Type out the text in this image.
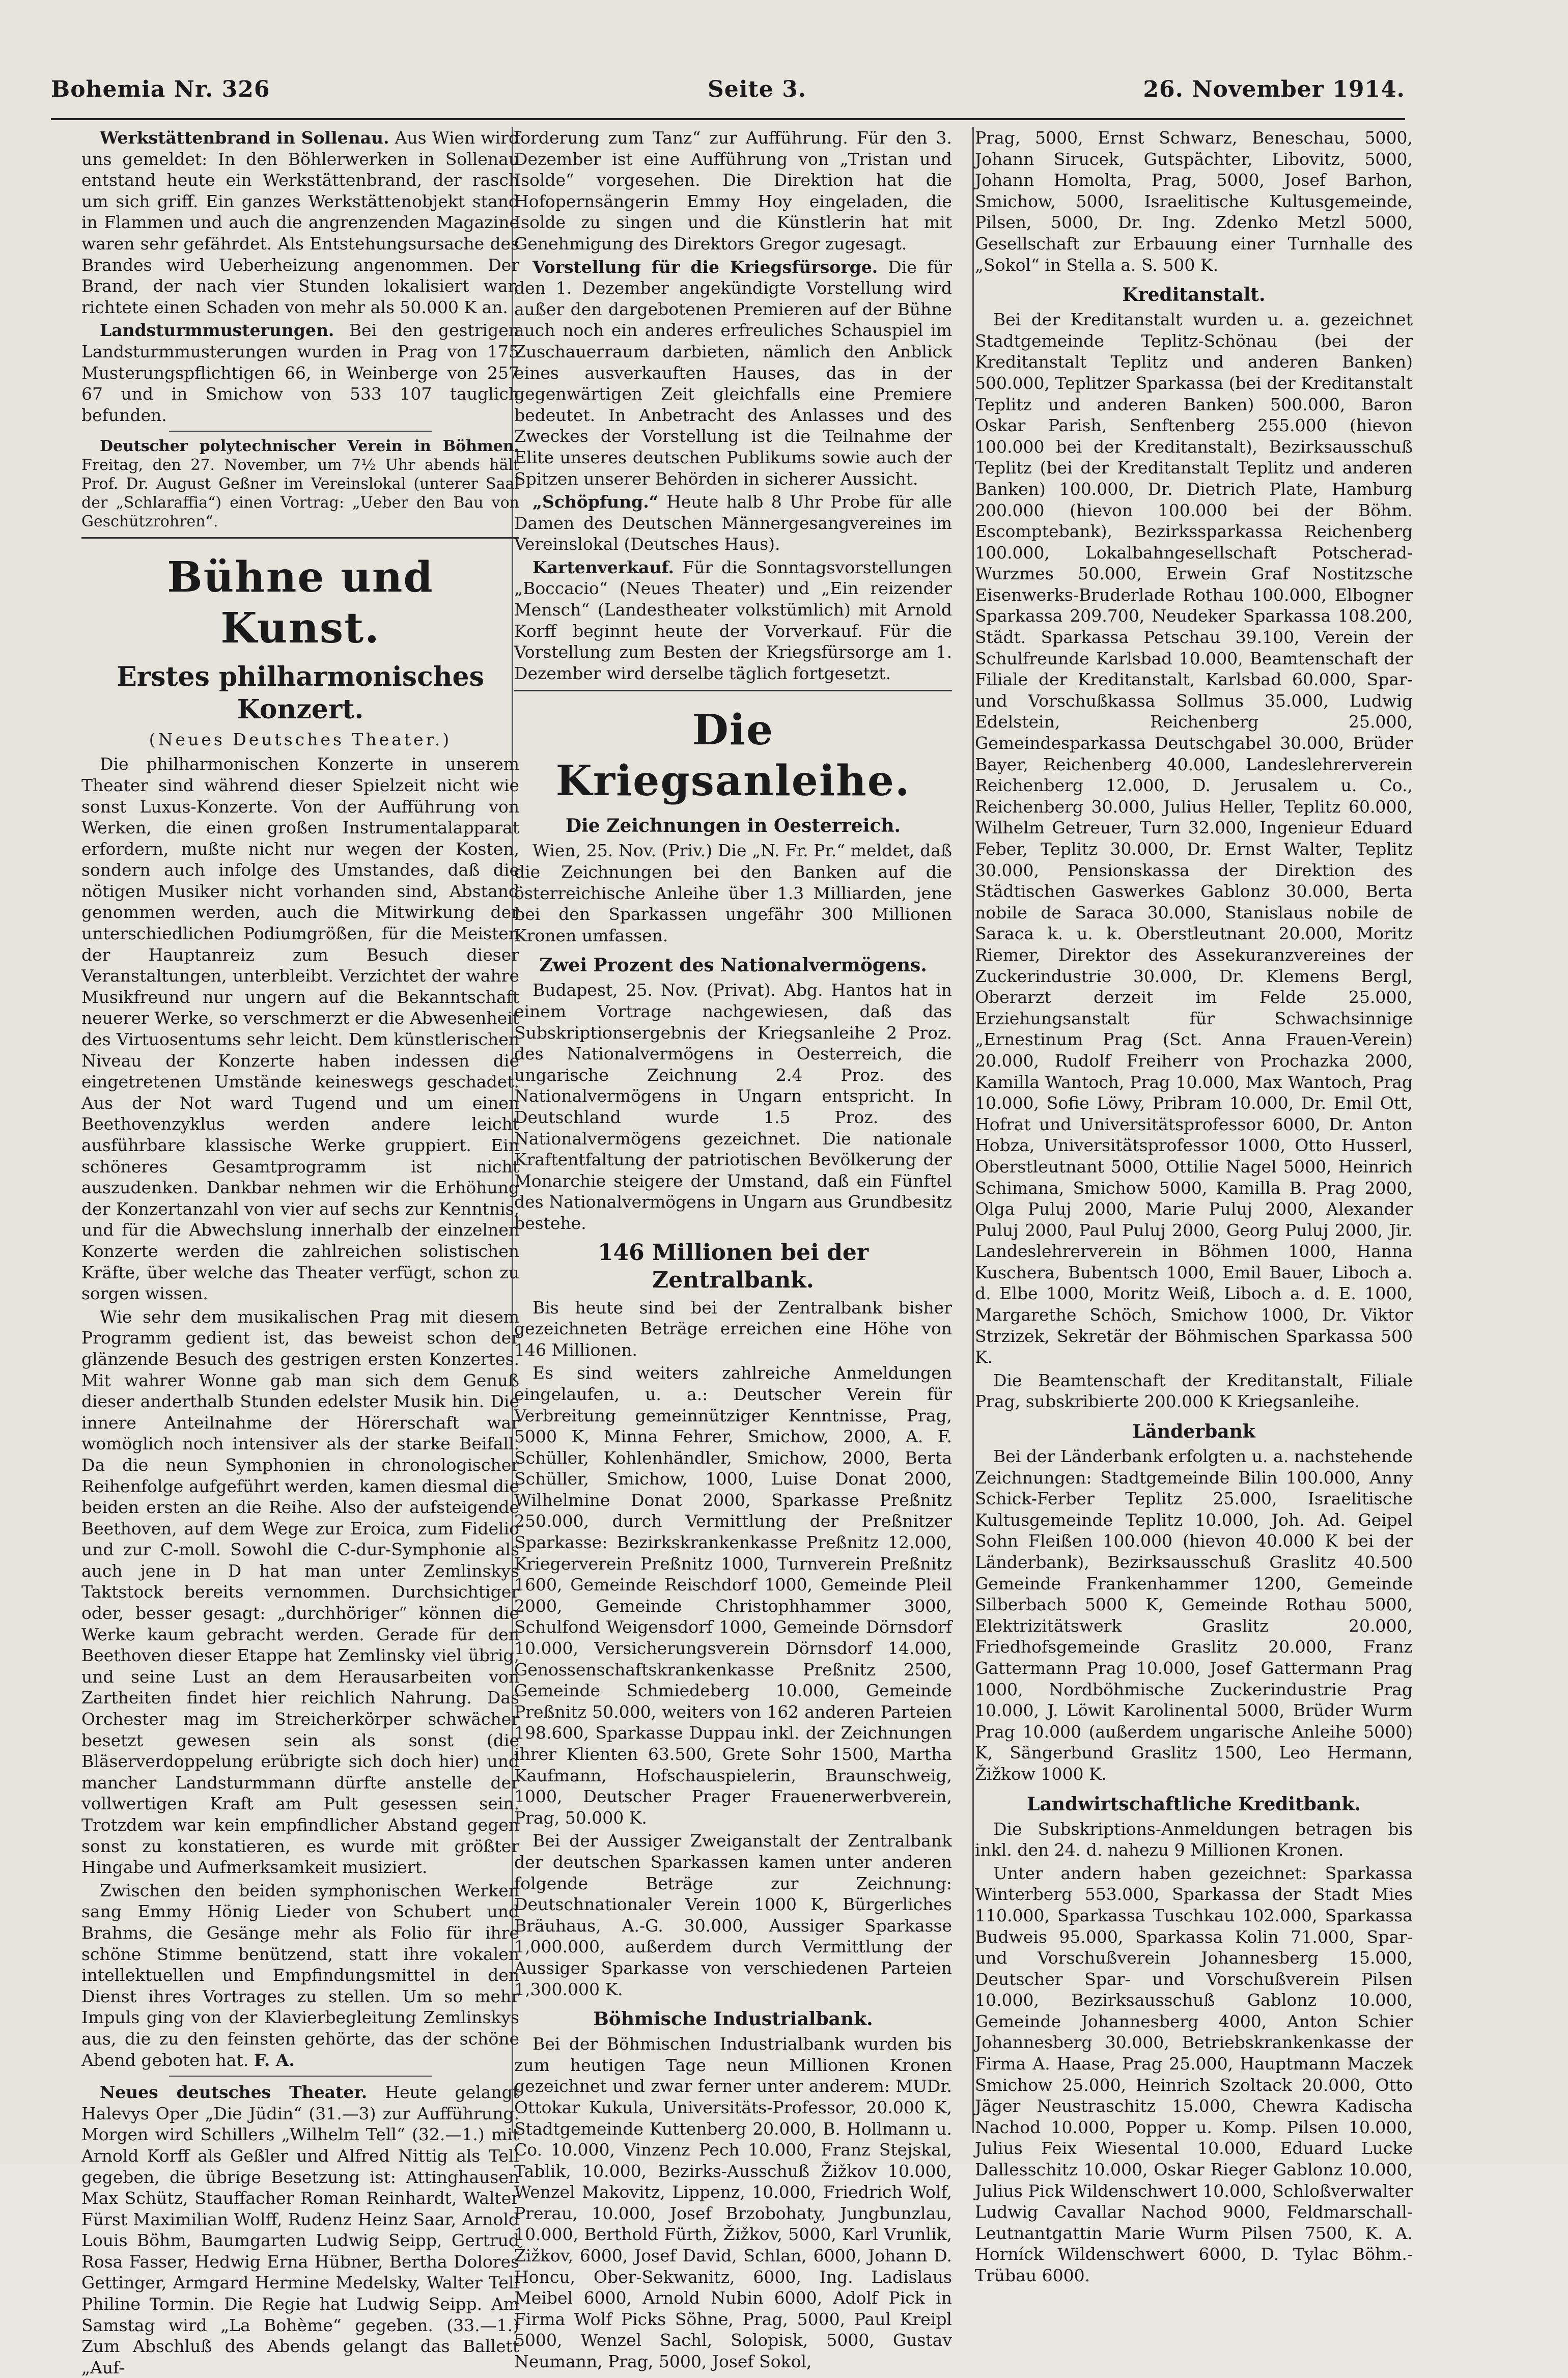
Bohemia Nr. 326	Seite 3.	26. November 1914.

Werkstättenbrand in Sollenau. Aus Wien wird uns gemeldet: In den Böhlerwerken in Sollenau entstand heute ein Werkstättenbrand, der rasch um sich griff. Ein ganzes Werkstättenobjekt stand in Flammen und auch die angrenzenden Magazine waren sehr gefährdet. Als Entstehungsursache des Brandes wird Ueberheizung angenommen. Der Brand, der nach vier Stunden lokalisiert war, richtete einen Schaden von mehr als 50.000 K an.

Landsturmmusterungen. Bei den gestrigen Landsturmmusterungen wurden in Prag von 175 Musterungspflichtigen 66, in Weinberge von 257 67 und in Smichow von 533 107 tauglich befunden.

Deutscher polytechnischer Verein in Böhmen. Freitag, den 27. November, um 7½ Uhr abends hält Prof. Dr. August Geßner im Vereinslokal (unterer Saal der „Schlaraffia“) einen Vortrag: „Ueber den Bau von Geschützrohren“.

Bühne und Kunst.
Erstes philharmonisches Konzert.
(Neues Deutsches Theater.)

Die philharmonischen Konzerte in unserem Theater sind während dieser Spielzeit nicht wie sonst Luxus-Konzerte. Von der Aufführung von Werken, die einen großen Instrumentalapparat erfordern, mußte nicht nur wegen der Kosten, sondern auch infolge des Umstandes, daß die nötigen Musiker nicht vorhanden sind, Abstand genommen werden, auch die Mitwirkung der unterschiedlichen Podiumgrößen, für die Meisten der Hauptanreiz zum Besuch dieser Veranstaltungen, unterbleibt. Verzichtet der wahre Musikfreund nur ungern auf die Bekanntschaft neuerer Werke, so verschmerzt er die Abwesenheit des Virtuosentums sehr leicht. Dem künstlerischen Niveau der Konzerte haben indessen die eingetretenen Umstände keineswegs geschadet. Aus der Not ward Tugend und um einen Beethovenzyklus werden andere leicht ausführbare klassische Werke gruppiert. Ein schöneres Gesamtprogramm ist nicht auszudenken. Dankbar nehmen wir die Erhöhung der Konzertanzahl von vier auf sechs zur Kenntnis, und für die Abwechslung innerhalb der einzelnen Konzerte werden die zahlreichen solistischen Kräfte, über welche das Theater verfügt, schon zu sorgen wissen.

Wie sehr dem musikalischen Prag mit diesem Programm gedient ist, das beweist schon der glänzende Besuch des gestrigen ersten Konzertes. Mit wahrer Wonne gab man sich dem Genuß dieser anderthalb Stunden edelster Musik hin. Die innere Anteilnahme der Hörerschaft war womöglich noch intensiver als der starke Beifall. Da die neun Symphonien in chronologischer Reihenfolge aufgeführt werden, kamen diesmal die beiden ersten an die Reihe. Also der aufsteigende Beethoven, auf dem Wege zur Eroica, zum Fidelio und zur C-moll. Sowohl die C-dur-Symphonie als auch jene in D hat man unter Zemlinskys Taktstock bereits vernommen. Durchsichtiger oder, besser gesagt: „durchhöriger“ können die Werke kaum gebracht werden. Gerade für den Beethoven dieser Etappe hat Zemlinsky viel übrig, und seine Lust an dem Herausarbeiten von Zartheiten findet hier reichlich Nahrung. Das Orchester mag im Streicherkörper schwächer besetzt gewesen sein als sonst (die Bläserverdoppelung erübrigte sich doch hier) und mancher Landsturmmann dürfte anstelle der vollwertigen Kraft am Pult gesessen sein. Trotzdem war kein empfindlicher Abstand gegen sonst zu konstatieren, es wurde mit größter Hingabe und Aufmerksamkeit musiziert.

Zwischen den beiden symphonischen Werken sang Emmy Hönig Lieder von Schubert und Brahms, die Gesänge mehr als Folio für ihre schöne Stimme benützend, statt ihre vokalen intellektuellen und Empfindungsmittel in den Dienst ihres Vortrages zu stellen. Um so mehr Impuls ging von der Klavierbegleitung Zemlinskys aus, die zu den feinsten gehörte, das der schöne Abend geboten hat. F. A.

Neues deutsches Theater. Heute gelangt Halevys Oper „Die Jüdin“ (31.—3) zur Aufführung. Morgen wird Schillers „Wilhelm Tell“ (32.—1.) mit Arnold Korff als Geßler und Alfred Nittig als Tell gegeben, die übrige Besetzung ist: Attinghausen Max Schütz, Stauffacher Roman Reinhardt, Walter Fürst Maximilian Wolff, Rudenz Heinz Saar, Arnold Louis Böhm, Baumgarten Ludwig Seipp, Gertrud Rosa Fasser, Hedwig Erna Hübner, Bertha Dolores Gettinger, Armgard Hermine Medelsky, Walter Tell Philine Tormin. Die Regie hat Ludwig Seipp. Am Samstag wird „La Bohème“ gegeben. (33.—1.) Zum Abschluß des Abends gelangt das Ballett „Auf-

forderung zum Tanz“ zur Aufführung. Für den 3. Dezember ist eine Aufführung von „Tristan und Isolde“ vorgesehen. Die Direktion hat die Hofopernsängerin Emmy Hoy eingeladen, die Isolde zu singen und die Künstlerin hat mit Genehmigung des Direktors Gregor zugesagt.

Vorstellung für die Kriegsfürsorge. Die für den 1. Dezember angekündigte Vorstellung wird außer den dargebotenen Premieren auf der Bühne auch noch ein anderes erfreuliches Schauspiel im Zuschauerraum darbieten, nämlich den Anblick eines ausverkauften Hauses, das in der gegenwärtigen Zeit gleichfalls eine Premiere bedeutet. In Anbetracht des Anlasses und des Zweckes der Vorstellung ist die Teilnahme der Elite unseres deutschen Publikums sowie auch der Spitzen unserer Behörden in sicherer Aussicht.

„Schöpfung.“ Heute halb 8 Uhr Probe für alle Damen des Deutschen Männergesangvereines im Vereinslokal (Deutsches Haus).

Kartenverkauf. Für die Sonntagsvorstellungen „Boccacio“ (Neues Theater) und „Ein reizender Mensch“ (Landestheater volkstümlich) mit Arnold Korff beginnt heute der Vorverkauf. Für die Vorstellung zum Besten der Kriegsfürsorge am 1. Dezember wird derselbe täglich fortgesetzt.

Die Kriegsanleihe.
Die Zeichnungen in Oesterreich.

Wien, 25. Nov. (Priv.) Die „N. Fr. Pr.“ meldet, daß die Zeichnungen bei den Banken auf die österreichische Anleihe über 1.3 Milliarden, jene bei den Sparkassen ungefähr 300 Millionen Kronen umfassen.

Zwei Prozent des Nationalvermögens.

Budapest, 25. Nov. (Privat). Abg. Hantos hat in einem Vortrage nachgewiesen, daß das Subskriptionsergebnis der Kriegsanleihe 2 Proz. des Nationalvermögens in Oesterreich, die ungarische Zeichnung 2.4 Proz. des Nationalvermögens in Ungarn entspricht. In Deutschland wurde 1.5 Proz. des Nationalvermögens gezeichnet. Die nationale Kraftentfaltung der patriotischen Bevölkerung der Monarchie steigere der Umstand, daß ein Fünftel des Nationalvermögens in Ungarn aus Grundbesitz bestehe.

146 Millionen bei der Zentralbank.

Bis heute sind bei der Zentralbank bisher gezeichneten Beträge erreichen eine Höhe von 146 Millionen.

Es sind weiters zahlreiche Anmeldungen eingelaufen, u. a.: Deutscher Verein für Verbreitung gemeinnütziger Kenntnisse, Prag, 5000 K, Minna Fehrer, Smichow, 2000, A. F. Schüller, Kohlenhändler, Smichow, 2000, Berta Schüller, Smichow, 1000, Luise Donat 2000, Wilhelmine Donat 2000, Sparkasse Preßnitz 250.000, durch Vermittlung der Preßnitzer Sparkasse: Bezirkskrankenkasse Preßnitz 12.000, Kriegerverein Preßnitz 1000, Turnverein Preßnitz 1600, Gemeinde Reischdorf 1000, Gemeinde Pleil 2000, Gemeinde Christophhammer 3000, Schulfond Weigensdorf 1000, Gemeinde Dörnsdorf 10.000, Versicherungsverein Dörnsdorf 14.000, Genossenschaftskrankenkasse Preßnitz 2500, Gemeinde Schmiedeberg 10.000, Gemeinde Preßnitz 50.000, weiters von 162 anderen Parteien 198.600, Sparkasse Duppau inkl. der Zeichnungen ihrer Klienten 63.500, Grete Sohr 1500, Martha Kaufmann, Hofschauspielerin, Braunschweig, 1000, Deutscher Prager Frauenerwerbverein, Prag, 50.000 K.

Bei der Aussiger Zweiganstalt der Zentralbank der deutschen Sparkassen kamen unter anderen folgende Beträge zur Zeichnung: Deutschnationaler Verein 1000 K, Bürgerliches Bräuhaus, A.-G. 30.000, Aussiger Sparkasse 1,000.000, außerdem durch Vermittlung der Aussiger Sparkasse von verschiedenen Parteien 1,300.000 K.

Böhmische Industrialbank.

Bei der Böhmischen Industrialbank wurden bis zum heutigen Tage neun Millionen Kronen gezeichnet und zwar ferner unter anderem: MUDr. Ottokar Kukula, Universitäts-Professor, 20.000 K, Stadtgemeinde Kuttenberg 20.000, B. Hollmann u. Co. 10.000, Vinzenz Pech 10.000, Franz Stejskal, Tablik, 10.000, Bezirks-Ausschuß Žižkov 10.000, Wenzel Makovitz, Lippenz, 10.000, Friedrich Wolf, Prerau, 10.000, Josef Brzobohaty, Jungbunzlau, 10.000, Berthold Fürth, Žižkov, 5000, Karl Vrunlik, Žižkov, 6000, Josef David, Schlan, 6000, Johann D. Honcu, Ober-Sekwanitz, 6000, Ing. Ladislaus Meibel 6000, Arnold Nubin 6000, Adolf Pick in Firma Wolf Picks Söhne, Prag, 5000, Paul Kreipl 5000, Wenzel Sachl, Solopisk, 5000, Gustav Neumann, Prag, 5000, Josef Sokol,

Prag, 5000, Ernst Schwarz, Beneschau, 5000, Johann Sirucek, Gutspächter, Libovitz, 5000, Johann Homolta, Prag, 5000, Josef Barhon, Smichow, 5000, Israelitische Kultusgemeinde, Pilsen, 5000, Dr. Ing. Zdenko Metzl 5000, Gesellschaft zur Erbauung einer Turnhalle des „Sokol“ in Stella a. S. 500 K.

Kreditanstalt.

Bei der Kreditanstalt wurden u. a. gezeichnet Stadtgemeinde Teplitz-Schönau (bei der Kreditanstalt Teplitz und anderen Banken) 500.000, Teplitzer Sparkassa (bei der Kreditanstalt Teplitz und anderen Banken) 500.000, Baron Oskar Parish, Senftenberg 255.000 (hievon 100.000 bei der Kreditanstalt), Bezirksausschuß Teplitz (bei der Kreditanstalt Teplitz und anderen Banken) 100.000, Dr. Dietrich Plate, Hamburg 200.000 (hievon 100.000 bei der Böhm. Escomptebank), Bezirkssparkassa Reichenberg 100.000, Lokalbahngesellschaft Potscherad-Wurzmes 50.000, Erwein Graf Nostitzsche Eisenwerks-Bruderlade Rothau 100.000, Elbogner Sparkassa 209.700, Neudeker Sparkassa 108.200, Städt. Sparkassa Petschau 39.100, Verein der Schulfreunde Karlsbad 10.000, Beamtenschaft der Filiale der Kreditanstalt, Karlsbad 60.000, Spar- und Vorschußkassa Sollmus 35.000, Ludwig Edelstein, Reichenberg 25.000, Gemeindesparkassa Deutschgabel 30.000, Brüder Bayer, Reichenberg 40.000, Landeslehrerverein Reichenberg 12.000, D. Jerusalem u. Co., Reichenberg 30.000, Julius Heller, Teplitz 60.000, Wilhelm Getreuer, Turn 32.000, Ingenieur Eduard Feber, Teplitz 30.000, Dr. Ernst Walter, Teplitz 30.000, Pensionskassa der Direktion des Städtischen Gaswerkes Gablonz 30.000, Berta nobile de Saraca 30.000, Stanislaus nobile de Saraca k. u. k. Oberstleutnant 20.000, Moritz Riemer, Direktor des Assekuranzvereines der Zuckerindustrie 30.000, Dr. Klemens Bergl, Oberarzt derzeit im Felde 25.000, Erziehungsanstalt für Schwachsinnige „Ernestinum Prag (Sct. Anna Frauen-Verein) 20.000, Rudolf Freiherr von Prochazka 2000, Kamilla Wantoch, Prag 10.000, Max Wantoch, Prag 10.000, Sofie Löwy, Pribram 10.000, Dr. Emil Ott, Hofrat und Universitätsprofessor 6000, Dr. Anton Hobza, Universitätsprofessor 1000, Otto Husserl, Oberstleutnant 5000, Ottilie Nagel 5000, Heinrich Schimana, Smichow 5000, Kamilla B. Prag 2000, Olga Puluj 2000, Marie Puluj 2000, Alexander Puluj 2000, Paul Puluj 2000, Georg Puluj 2000, Jir. Landeslehrerverein in Böhmen 1000, Hanna Kuschera, Bubentsch 1000, Emil Bauer, Liboch a. d. Elbe 1000, Moritz Weiß, Liboch a. d. E. 1000, Margarethe Schöch, Smichow 1000, Dr. Viktor Strzizek, Sekretär der Böhmischen Sparkassa 500 K.

Die Beamtenschaft der Kreditanstalt, Filiale Prag, subskribierte 200.000 K Kriegsanleihe.

Länderbank

Bei der Länderbank erfolgten u. a. nachstehende Zeichnungen: Stadtgemeinde Bilin 100.000, Anny Schick-Ferber Teplitz 25.000, Israelitische Kultusgemeinde Teplitz 10.000, Joh. Ad. Geipel Sohn Fleißen 100.000 (hievon 40.000 K bei der Länderbank), Bezirksausschuß Graslitz 40.500 Gemeinde Frankenhammer 1200, Gemeinde Silberbach 5000 K, Gemeinde Rothau 5000, Elektrizitätswerk Graslitz 20.000, Friedhofsgemeinde Graslitz 20.000, Franz Gattermann Prag 10.000, Josef Gattermann Prag 1000, Nordböhmische Zuckerindustrie Prag 10.000, J. Löwit Karolinental 5000, Brüder Wurm Prag 10.000 (außerdem ungarische Anleihe 5000) K, Sängerbund Graslitz 1500, Leo Hermann, Žižkow 1000 K.

Landwirtschaftliche Kreditbank.

Die Subskriptions-Anmeldungen betragen bis inkl. den 24. d. nahezu 9 Millionen Kronen.

Unter andern haben gezeichnet: Sparkassa Winterberg 553.000, Sparkassa der Stadt Mies 110.000, Sparkassa Tuschkau 102.000, Sparkassa Budweis 95.000, Sparkassa Kolin 71.000, Spar- und Vorschußverein Johannesberg 15.000, Deutscher Spar- und Vorschußverein Pilsen 10.000, Bezirksausschuß Gablonz 10.000, Gemeinde Johannesberg 4000, Anton Schier Johannesberg 30.000, Betriebskrankenkasse der Firma A. Haase, Prag 25.000, Hauptmann Maczek Smichow 25.000, Heinrich Szoltack 20.000, Otto Jäger Neustraschitz 15.000, Chewra Kadischa Nachod 10.000, Popper u. Komp. Pilsen 10.000, Julius Feix Wiesental 10.000, Eduard Lucke Dallesschitz 10.000, Oskar Rieger Gablonz 10.000, Julius Pick Wildenschwert 10.000, Schloßverwalter Ludwig Cavallar Nachod 9000, Feldmarschall-Leutnantgattin Marie Wurm Pilsen 7500, K. A. Horníck Wildenschwert 6000, D. Tylac Böhm.-Trübau 6000.
